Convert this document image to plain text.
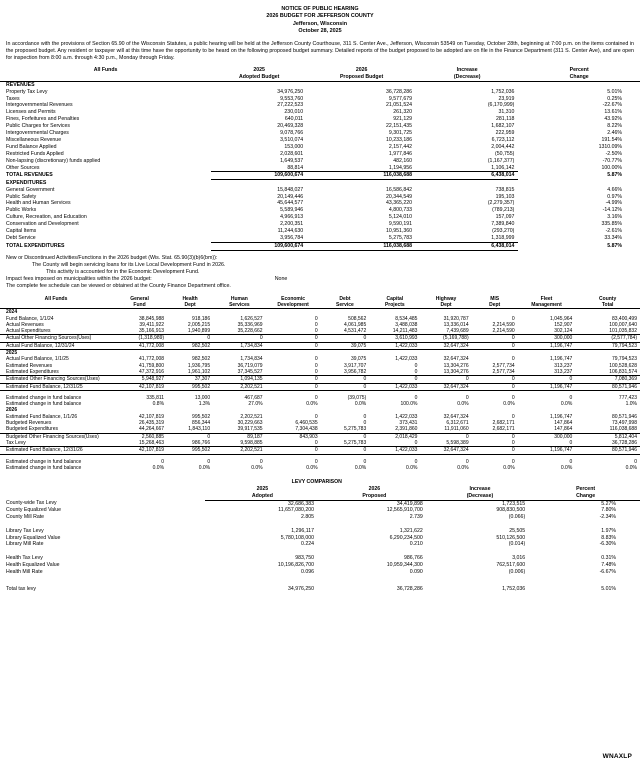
NOTICE OF PUBLIC HEARING
2026 BUDGET FOR JEFFERSON COUNTY
Jefferson, Wisconsin
October 28, 2025
In accordance with the provisions of Section 65.90 of the Wisconsin Statutes, a public hearing will be held at the Jefferson County Courthouse, 311 S. Center Ave., Jefferson, Wisconsin 53549 on Tuesday, October 28th, beginning at 7:00 p.m. on the items contained in the proposed budget. Any resident or taxpayer will at this time have the opportunity to be heard on the following proposed budget summary. Detailed reports of the budget proposed to be adopted are on file in the Finance Department (311 S. Center Ave), and are open for inspection from 8:00 a.m. through 4:30 p.m., Monday through Friday.
All Funds	2025	2026	Increase	Percent
	Adopted Budget	Proposed Budget	(Decrease)	Change
REVENUES				
Property Tax Levy	34,976,250	36,728,286	1,752,036	5.01%
Taxes	9,553,760	9,577,679	23,919	0.25%
Intergovernmental Revenues	27,222,523	21,051,524	(6,170,999)	-22.67%
Licenses and Permits	230,010	261,320	31,310	13.61%
Fines, Forfeitures and Penalties	640,011	921,129	281,118	43.92%
Public Charges for Services	20,469,328	22,151,435	1,682,107	8.22%
Intergovernmental Charges	9,078,766	9,301,725	222,959	2.46%
Miscellaneous Revenue	3,510,074	10,233,186	6,723,112	191.54%
Fund Balance Applied	153,000	2,157,442	2,004,442	1310.09%
Restricted Funds Applied	2,028,601	1,977,846	(50,755)	-2.50%
Non-lapsing (discretionary) funds applied	1,649,537	482,160	(1,167,377)	-70.77%
Other Sources	88,814	1,194,956	1,106,142	100.00%
TOTAL REVENUES	109,600,674	116,038,688	6,438,014	5.87%
EXPENDITURES				
General Government	15,848,027	16,586,842	738,815	4.66%
Public Safety	20,149,446	20,344,549	195,103	0.97%
Health and Human Services	45,644,577	43,365,220	(2,279,357)	-4.99%
Public Works	5,589,946	4,800,733	(789,213)	-14.12%
Culture, Recreation, and Education	4,966,913	5,124,010	157,097	3.16%
Conservation and Development	2,200,351	9,590,191	7,389,840	335.85%
Capital Items	11,244,630	10,951,360	(293,270)	-2.61%
Debt Service	3,956,784	5,275,783	1,318,999	33.34%
TOTAL EXPENDITURES	109,600,674	116,038,688	6,438,014	5.87%
New or Discontinued Activities/Functions in the 2026 budget (Wis. Stat. 65.90(3)(b)6(bm)):
The County will begin servicing loans for its Live Local Development Fund in 2026.
This activity is accounted for in the Economic Development Fund.
Impact fees imposed on municipalities within the 2026 budget:	None
The complete fee schedule can be viewed or obtained at the County Finance Department office.
All Funds	General	Health	Human	Economic	Debt	Capital	Highway	MIS	Fleet	County
	Fund	Dept	Services	Development	Service	Projects	Dept	Dept	Management	Total
2024										
Fund Balance, 1/1/24	38,845,988	918,186	1,626,527	0	508,562	8,534,485	31,920,787	0	1,045,964	83,400,499
Actual Revenues	39,411,922	2,005,215	35,336,969	0	4,061,985	3,488,038	13,336,014	2,214,590	152,907	100,007,640
Actual Expenditures	35,166,913	1,940,899	35,228,662	0	4,531,472	14,211,483	7,439,689	2,214,590	302,124	101,035,832
Actual Other Financing Sources(Uses)	(1,318,989)	0	0	0	0	3,610,993	(5,169,788)	0	300,000	(2,577,784)
Actual Fund Balance, 12/31/24	41,772,008	982,502	1,734,834	0	39,075	1,422,033	32,647,324	0	1,196,747	79,794,523
2025										
Actual Fund Balance, 1/1/25	41,772,008	982,502	1,734,834	0	39,075	1,422,033	32,647,324	0	1,196,747	79,794,523
Estimated Revenues	41,759,800	1,936,795	36,719,079	0	3,917,707	0	13,304,276	2,577,734	313,237	100,528,628
Estimated Expenditures	47,372,916	1,961,102	37,345,527	0	3,956,782	0	13,304,276	2,577,734	313,237	106,831,574
Estimated Other Financing Sources(Uses)	5,948,927	37,307	1,094,135	0	0	0	0	0	0	7,080,369
Estimated Fund Balance, 12/31/25	42,107,819	995,502	2,202,521	0	0	1,422,033	32,647,324	0	1,196,747	80,571,946

Estimated change in fund balance	335,811	13,000	467,687	0	(39,075)	0	0	0	0	777,423
Estimated change in fund balance	0.8%	1.3%	27.0%	0.0%	0.0%	100.0%	0.0%	0.0%	0.0%	1.0%
2026										
Estimated Fund Balance, 1/1/26	42,107,819	995,502	2,202,521	0	0	1,422,033	32,647,324	0	1,196,747	80,571,946
Budgeted Revenues	26,435,319	856,344	30,229,663	6,460,535	0	373,431	6,312,671	2,682,171	147,864	73,497,998
Budgeted Expenditures	44,264,667	1,843,110	39,917,535	7,304,438	5,275,783	2,391,860	11,911,060	2,682,171	147,864	116,038,688
Budgeted Other Financing Sources(Uses)	2,560,885	0	89,187	843,903	0	2,018,429	0	0	300,000	5,812,404
Tax Levy	15,268,463	986,766	9,598,885	0	5,275,783	0	5,598,389	0	0	36,728,286
Estimated Fund Balance, 12/31/26	42,107,819	995,502	2,202,521	0	0	1,422,033	32,647,324	0	1,196,747	80,571,946

Estimated change in fund balance	0	0	0	0	0	0	0	0	0	0
Estimated change in fund balance	0.0%	0.0%	0.0%	0.0%	0.0%	0.0%	0.0%	0.0%	0.0%	0.0%
	LEVY COMPARISON			
	2025	2026	Increase	Percent
	Adopted	Proposed	(Decrease)	Change
County-wide Tax Levy	32,686,383	34,419,898	1,723,515	5.27%
County Equalized Value	11,657,080,200	12,565,910,700	908,830,500	7.80%
County Mill Rate	2.805	2.739	(0.066)	-2.34%

Library Tax Levy	1,296,117	1,321,622	25,505	1.97%
Library Equalized Value	5,780,108,000	6,290,234,500	510,126,500	8.83%
Library Mill Rate	0.224	0.210	(0.014)	-6.30%

Health Tax Levy	983,750	986,766	3,016	0.31%
Health Equalized Value	10,196,826,700	10,959,344,300	762,517,600	7.48%
Health Mill Rate	0.096	0.090	(0.006)	-6.67%

Total tax levy	34,976,250	36,728,286	1,752,036	5.01%
WNAXLP
